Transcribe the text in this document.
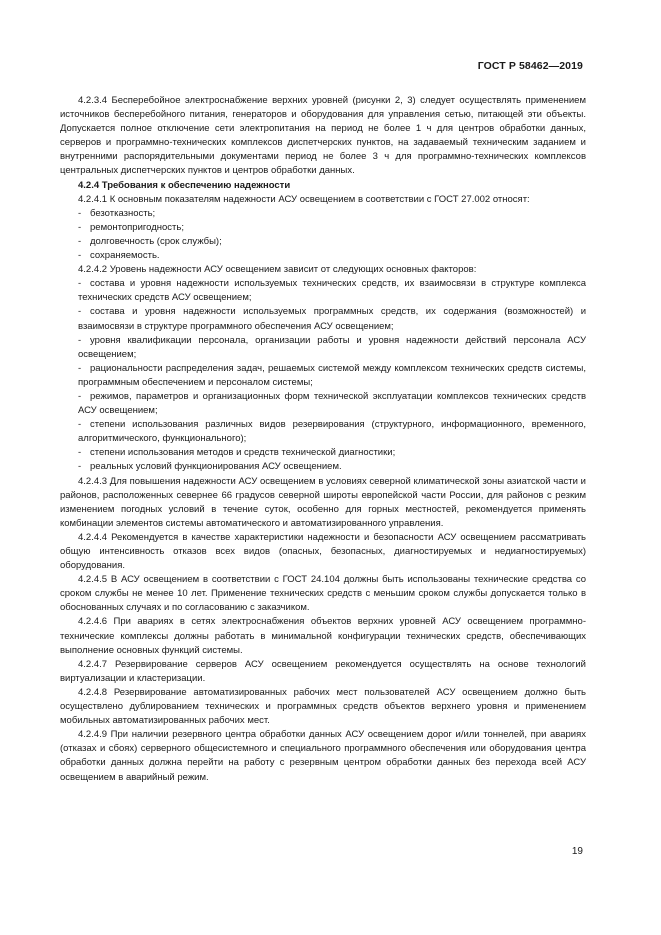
ГОСТ Р 58462—2019
4.2.3.4 Бесперебойное электроснабжение верхних уровней (рисунки 2, 3) следует осуществлять применением источников бесперебойного питания, генераторов и оборудования для управления сетью, питающей эти объекты. Допускается полное отключение сети электропитания на период не более 1 ч для центров обработки данных, серверов и программно-технических комплексов диспетчерских пунктов, на задаваемый техническим заданием и внутренними распорядительными документами период не более 3 ч для программно-технических комплексов центральных диспетчерских пунктов и центров обработки данных.
4.2.4 Требования к обеспечению надежности
4.2.4.1 К основным показателям надежности АСУ освещением в соответствии с ГОСТ 27.002 относят:
- безотказность;
- ремонтопригодность;
- долговечность (срок службы);
- сохраняемость.
4.2.4.2 Уровень надежности АСУ освещением зависит от следующих основных факторов:
- состава и уровня надежности используемых технических средств, их взаимосвязи в структуре комплекса технических средств АСУ освещением;
- состава и уровня надежности используемых программных средств, их содержания (возможностей) и взаимосвязи в структуре программного обеспечения АСУ освещением;
- уровня квалификации персонала, организации работы и уровня надежности действий персонала АСУ освещением;
- рациональности распределения задач, решаемых системой между комплексом технических средств системы, программным обеспечением и персоналом системы;
- режимов, параметров и организационных форм технической эксплуатации комплексов технических средств АСУ освещением;
- степени использования различных видов резервирования (структурного, информационного, временного, алгоритмического, функционального);
- степени использования методов и средств технической диагностики;
- реальных условий функционирования АСУ освещением.
4.2.4.3 Для повышения надежности АСУ освещением в условиях северной климатической зоны азиатской части и районов, расположенных севернее 66 градусов северной широты европейской части России, для районов с резким изменением погодных условий в течение суток, особенно для горных местностей, рекомендуется применять комбинации элементов системы автоматического и автоматизированного управления.
4.2.4.4 Рекомендуется в качестве характеристики надежности и безопасности АСУ освещением рассматривать общую интенсивность отказов всех видов (опасных, безопасных, диагностируемых и недиагностируемых) оборудования.
4.2.4.5 В АСУ освещением в соответствии с ГОСТ 24.104 должны быть использованы технические средства со сроком службы не менее 10 лет. Применение технических средств с меньшим сроком службы допускается только в обоснованных случаях и по согласованию с заказчиком.
4.2.4.6 При авариях в сетях электроснабжения объектов верхних уровней АСУ освещением программно-технические комплексы должны работать в минимальной конфигурации технических средств, обеспечивающих выполнение основных функций системы.
4.2.4.7 Резервирование серверов АСУ освещением рекомендуется осуществлять на основе технологий виртуализации и кластеризации.
4.2.4.8 Резервирование автоматизированных рабочих мест пользователей АСУ освещением должно быть осуществлено дублированием технических и программных средств объектов верхнего уровня и применением мобильных автоматизированных рабочих мест.
4.2.4.9 При наличии резервного центра обработки данных АСУ освещением дорог и/или тоннелей, при авариях (отказах и сбоях) серверного общесистемного и специального программного обеспечения или оборудования центра обработки данных должна перейти на работу с резервным центром обработки данных без перехода всей АСУ освещением в аварийный режим.
19
